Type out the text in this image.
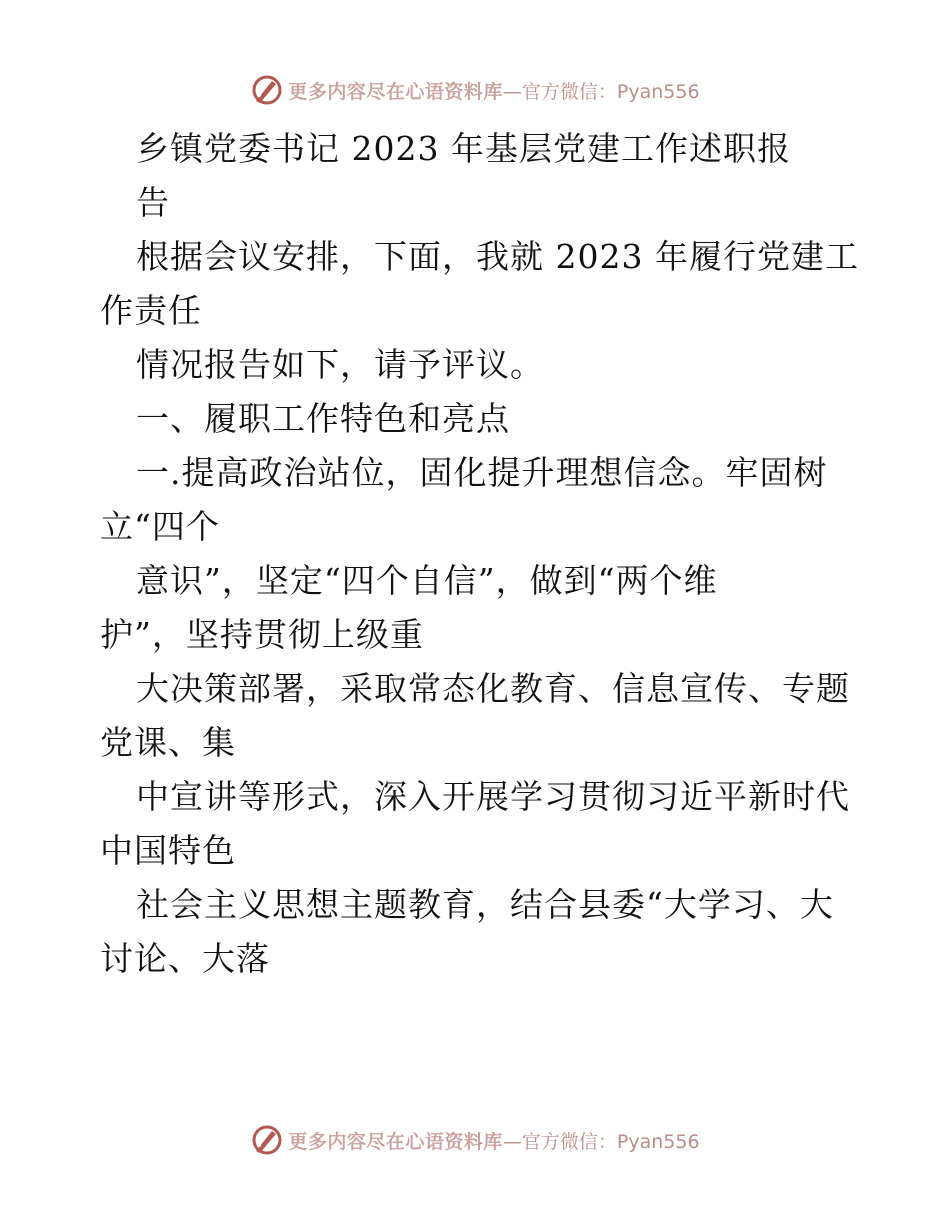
更多内容尽在心语资料库 —官方微信：Pyan556
乡镇党委书记 2023 年基层党建工作述职报
告
根据会议安排，下面，我就 2023 年履行党建工
作责任
情况报告如下，请予评议。
一、履职工作特色和亮点
一.提高政治站位，固化提升理想信念。牢固树
立“四个
意识”，坚定“四个自信”，做到“两个维
护”，坚持贯彻上级重
大决策部署，采取常态化教育、信息宣传、专题
党课、集
中宣讲等形式，深入开展学习贯彻习近平新时代
中国特色
社会主义思想主题教育，结合县委“大学习、大
讨论、大落
更多内容尽在心语资料库 —官方微信：Pyan556
